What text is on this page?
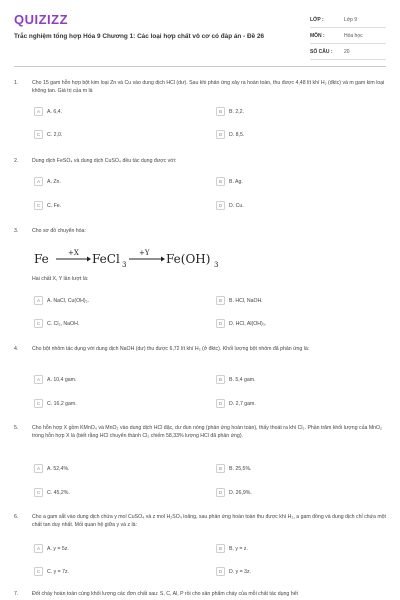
QUIZIZZ
Trắc nghiệm tổng hợp Hóa 9 Chương 1: Các loại hợp chất vô cơ có đáp án - Đề 26
LỚP :	Lớp 9
MÔN :	Hóa học
SỐ CÂU :	20
1.	Cho 15 gam hỗn hợp bột kim loại Zn và Cu vào dung dịch HCl (dư). Sau khi phản ứng xảy ra hoàn toàn, thu được 4,48 lít khí H₂ (đktc) và m gam kim loại không tan. Giá trị của m là
A	A. 6,4.	B	B. 2,2.
C	C. 2,0.	D	D. 8,5.
2.	Dung dịch FeSO₄ và dung dịch CuSO₄ đều tác dụng được với:
A	A. Zn.	B	B. Ag.
C	C. Fe.	D	D. Cu.
3.	Cho sơ đồ chuyển hóa:
Fe	+X FeCl 3
+Y Fe(OH) 3
Hai chất X, Y lần lượt là:
A	A. NaCl, Cu(OH)₂.	B	B. HCl, NaOH.
C	C. Cl₂, NaOH.	D	D. HCl, Al(OH)₃.
4.	Cho bột nhôm tác dụng với dung dịch NaOH (dư) thu được 6,72 lít khí H₂ (ở đktc). Khối lượng bột nhôm đã phản ứng là:
A	A. 10,4 gam.	B	B. 5,4 gam.
C	C. 16,2 gam.	D	D. 2,7 gam.
5.	Cho hỗn hợp X gồm KMnO₄ và MnO₂ vào dung dịch HCl đặc, dư đun nóng (phản ứng hoàn toàn), thấy thoát ra khí Cl₂. Phần trăm khối lượng của MnO₂ trong hỗn hợp X là (biết rằng HCl chuyển thành Cl₂ chiếm 58,33% lượng HCl đã phản ứng).
A	A. 52,4%.	B	B. 25,5%.
C	C. 45,2%.	D	D. 26,9%.
6.	Cho a gam sắt vào dung dịch chứa y mol CuSO₄ và z mol H₂SO₄ loãng, sau phản ứng hoàn toàn thu được khí H₂, a gam đồng và dung dịch chỉ chứa một chất tan duy nhất. Mối quan hệ giữa y và z là:
A	A. y = 5z.	B	B. y = z.
C	C. y = 7z.	D	D. y = 3z.
7.	Đốt cháy hoàn toàn cùng khối lượng các đơn chất sau: S, C, Al, P rồi cho sản phẩm cháy của mỗi chất tác dụng hết
